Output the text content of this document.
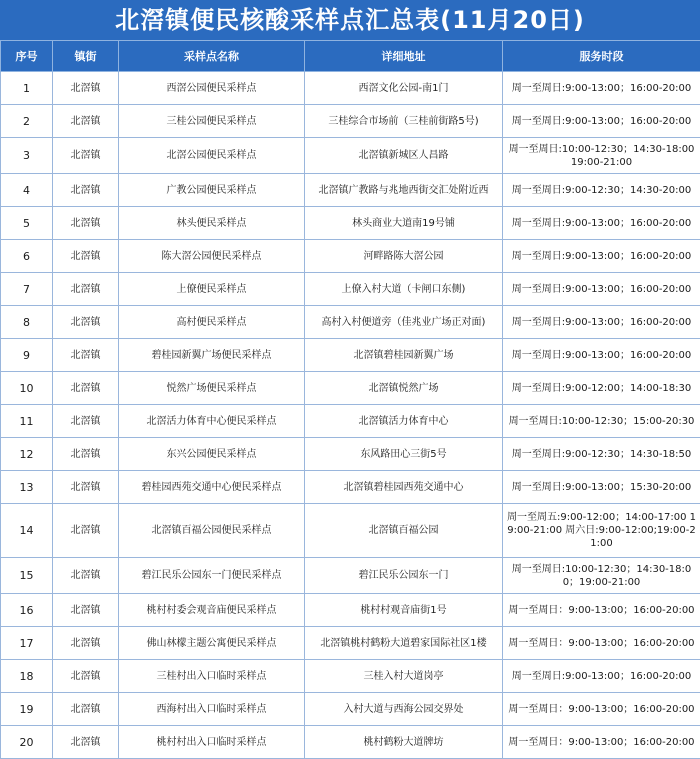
北滘镇便民核酸采样点汇总表(11月20日)
序号	镇街	采样点名称	详细地址	服务时段
1	北滘镇	西滘公园便民采样点	西滘文化公园-南1门	周一至周日:9:00-13:00；16:00-20:00
2	北滘镇	三桂公园便民采样点	三桂综合市场前（三桂前街路5号)	周一至周日:9:00-13:00；16:00-20:00
3	北滘镇	北滘公园便民采样点	北滘镇新城区人昌路	周一至周日:10:00-12:30；14:30-18:00 19:00-21:00
4	北滘镇	广教公园便民采样点	北滘镇广教路与兆地西街交汇处附近西	周一至周日:9:00-12:30；14:30-20:00
5	北滘镇	林头便民采样点	林头商业大道南19号铺	周一至周日:9:00-13:00；16:00-20:00
6	北滘镇	陈大滘公园便民采样点	河畔路陈大滘公园	周一至周日:9:00-13:00；16:00-20:00
7	北滘镇	上僚便民采样点	上僚入村大道（卡闸口东侧)	周一至周日:9:00-13:00；16:00-20:00
8	北滘镇	高村便民采样点	高村入村便道旁（佳兆业广场正对面)	周一至周日:9:00-13:00；16:00-20:00
9	北滘镇	碧桂园新翼广场便民采样点	北滘镇碧桂园新翼广场	周一至周日:9:00-13:00；16:00-20:00
10	北滘镇	悦然广场便民采样点	北滘镇悦然广场	周一至周日:9:00-12:00；14:00-18:30
11	北滘镇	北滘活力体育中心便民采样点	北滘镇活力体育中心	周一至周日:10:00-12:30；15:00-20:30
12	北滘镇	东兴公园便民采样点	东风路田心三街5号	周一至周日:9:00-12:30；14:30-18:50
13	北滘镇	碧桂园西苑交通中心便民采样点	北滘镇碧桂园西苑交通中心	周一至周日:9:00-13:00；15:30-20:00
14	北滘镇	北滘镇百福公园便民采样点	北滘镇百福公园	周一至周五:9:00-12:00；14:00-17:00 19:00-21:00 周六日:9:00-12:00;19:00-21:00
15	北滘镇	碧江民乐公园东一门便民采样点	碧江民乐公园东一门	周一至周日:10:00-12:30；14:30-18:00；19:00-21:00
16	北滘镇	桃村村委会观音庙便民采样点	桃村村观音庙街1号	周一至周日：9:00-13:00；16:00-20:00
17	北滘镇	佛山林檬主题公寓便民采样点	北滘镇桃村鹤粉大道碧家国际社区1楼	周一至周日：9:00-13:00；16:00-20:00
18	北滘镇	三桂村出入口临时采样点	三桂入村大道岗亭	周一至周日:9:00-13:00；16:00-20:00
19	北滘镇	西海村出入口临时采样点	入村大道与西海公园交界处	周一至周日：9:00-13:00；16:00-20:00
20	北滘镇	桃村村出入口临时采样点	桃村鹤粉大道牌坊	周一至周日：9:00-13:00；16:00-20:00
